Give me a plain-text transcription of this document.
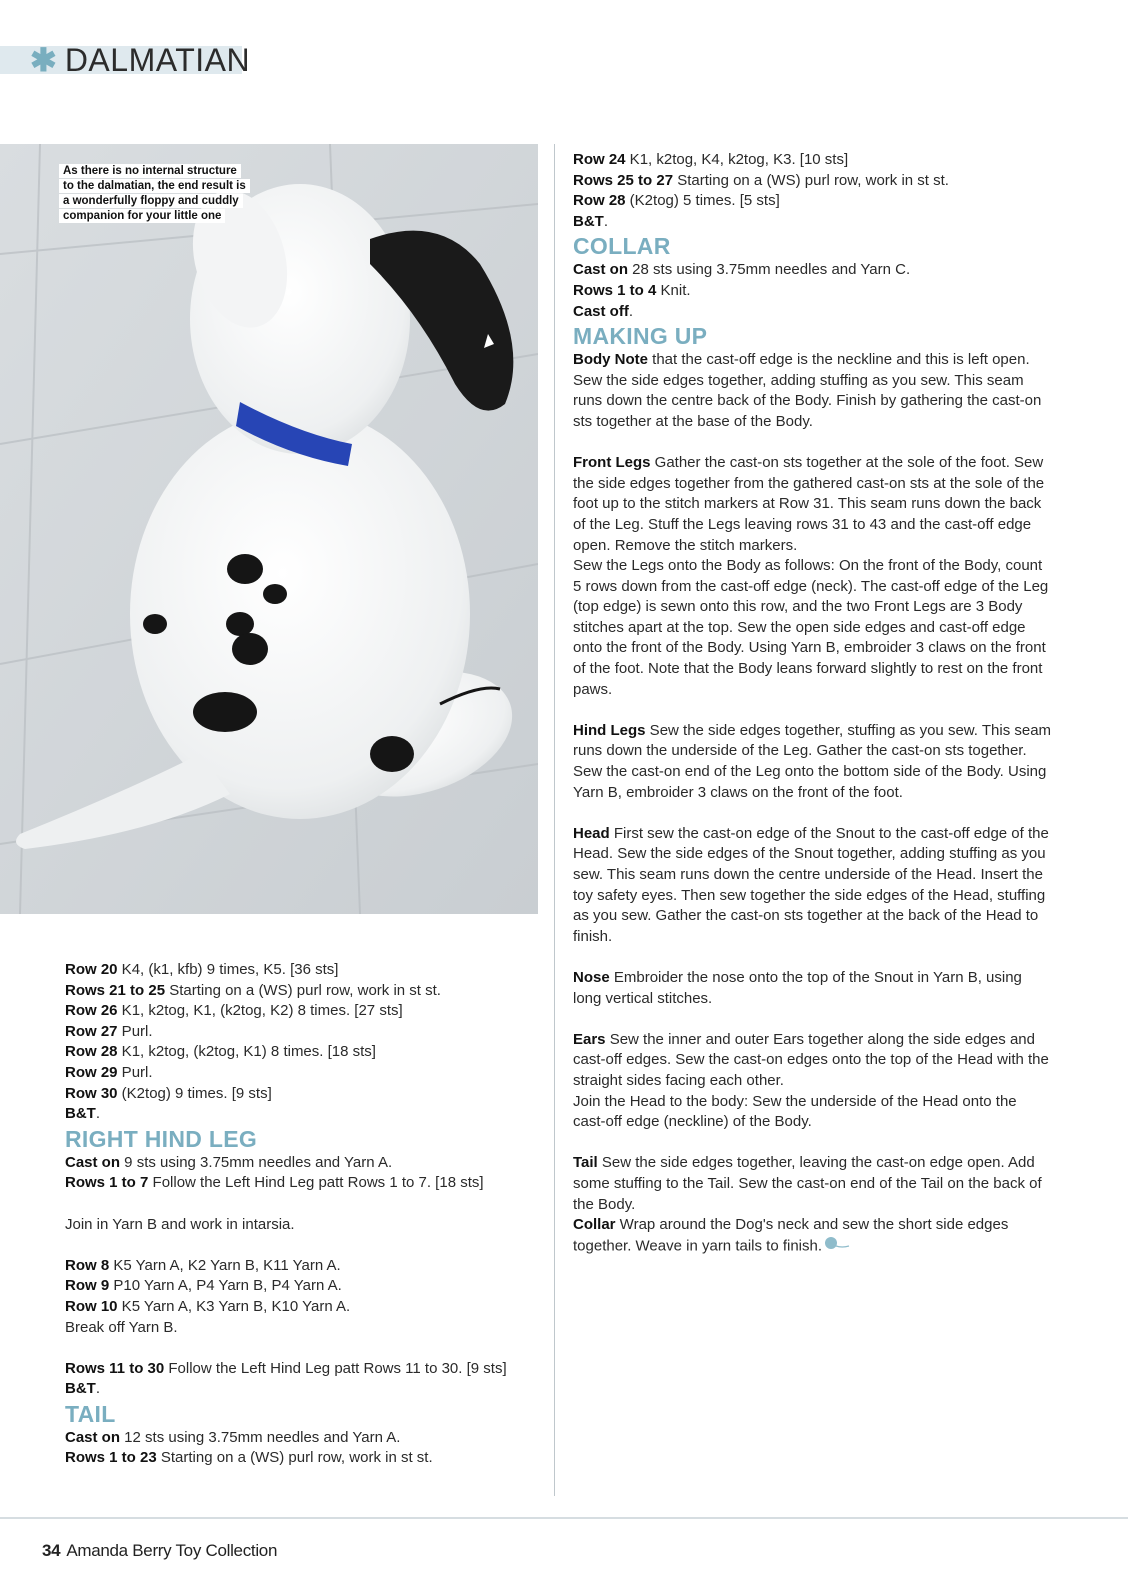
✱ DALMATIAN
As there is no internal structure to the dalmatian, the end result is a wonderfully floppy and cuddly companion for your little one

Row 20 K4, (k1, kfb) 9 times, K5. [36 sts]

Rows 21 to 25 Starting on a (WS) purl row, work in st st.

Row 26 K1, k2tog, K1, (k2tog, K2) 8 times. [27 sts]

Row 27 Purl.

Row 28 K1, k2tog, (k2tog, K1) 8 times. [18 sts]

Row 29 Purl.

Row 30 (K2tog) 9 times. [9 sts]

B&T.

RIGHT HIND LEG

Cast on 9 sts using 3.75mm needles and Yarn A.

Rows 1 to 7 Follow the Left Hind Leg patt Rows 1 to 7. [18 sts]

Join in Yarn B and work in intarsia.

Row 8 K5 Yarn A, K2 Yarn B, K11 Yarn A.

Row 9 P10 Yarn A, P4 Yarn B, P4 Yarn A.

Row 10 K5 Yarn A, K3 Yarn B, K10 Yarn A.

Break off Yarn B.

Rows 11 to 30 Follow the Left Hind Leg patt Rows 11 to 30. [9 sts]

B&T.

TAIL

Cast on 12 sts using 3.75mm needles and Yarn A.

Rows 1 to 23 Starting on a (WS) purl row, work in st st.

Row 24 K1, k2tog, K4, k2tog, K3. [10 sts]

Rows 25 to 27 Starting on a (WS) purl row, work in st st.

Row 28 (K2tog) 5 times. [5 sts]

B&T.

COLLAR

Cast on 28 sts using 3.75mm needles and Yarn C.

Rows 1 to 4 Knit.

Cast off.

MAKING UP

Body Note that the cast-off edge is the neckline and this is left open. Sew the side edges together, adding stuffing as you sew. This seam runs down the centre back of the Body. Finish by gathering the cast-on sts together at the base of the Body.

Front Legs Gather the cast-on sts together at the sole of the foot. Sew the side edges together from the gathered cast-on sts at the sole of the foot up to the stitch markers at Row 31. This seam runs down the back of the Leg. Stuff the Legs leaving rows 31 to 43 and the cast-off edge open. Remove the stitch markers.

Sew the Legs onto the Body as follows: On the front of the Body, count 5 rows down from the cast-off edge (neck). The cast-off edge of the Leg (top edge) is sewn onto this row, and the two Front Legs are 3 Body stitches apart at the top. Sew the open side edges and cast-off edge onto the front of the Body. Using Yarn B, embroider 3 claws on the front of the foot. Note that the Body leans forward slightly to rest on the front paws.

Hind Legs Sew the side edges together, stuffing as you sew. This seam runs down the underside of the Leg. Gather the cast-on sts together. Sew the cast-on end of the Leg onto the bottom side of the Body. Using Yarn B, embroider 3 claws on the front of the foot.

Head First sew the cast-on edge of the Snout to the cast-off edge of the Head. Sew the side edges of the Snout together, adding stuffing as you sew. This seam runs down the centre underside of the Head. Insert the toy safety eyes. Then sew together the side edges of the Head, stuffing as you sew. Gather the cast-on sts together at the back of the Head to finish.

Nose Embroider the nose onto the top of the Snout in Yarn B, using long vertical stitches.

Ears Sew the inner and outer Ears together along the side edges and cast-off edges. Sew the cast-on edges onto the top of the Head with the straight sides facing each other.

Join the Head to the body: Sew the underside of the Head onto the cast-off edge (neckline) of the Body.

Tail Sew the side edges together, leaving the cast-on edge open. Add some stuffing to the Tail. Sew the cast-on end of the Tail on the back of the Body.

Collar Wrap around the Dog's neck and sew the short side edges together. Weave in yarn tails to finish.

34 Amanda Berry Toy Collection
